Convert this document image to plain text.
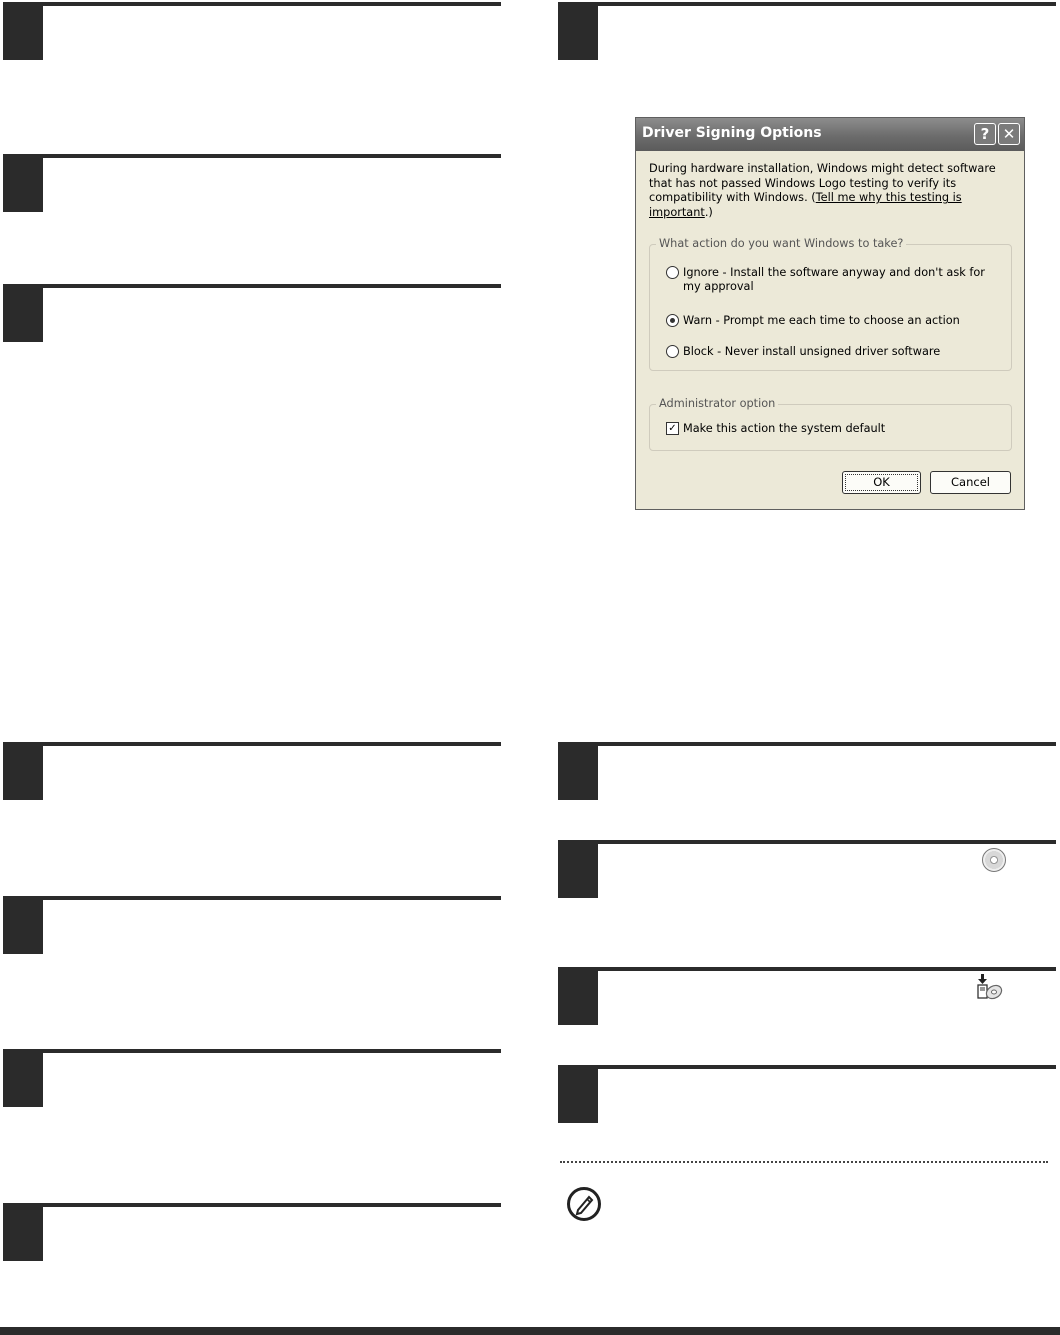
Driver Signing Options	? ✕
During hardware installation, Windows might detect software that has not passed Windows Logo testing to verify its compatibility with Windows. (Tell me why this testing is important.)
What action do you want Windows to take?
Ignore - Install the software anyway and don't ask for my approval
Warn - Prompt me each time to choose an action
Block - Never install unsigned driver software
Administrator option
✓ Make this action the system default
OK	Cancel
